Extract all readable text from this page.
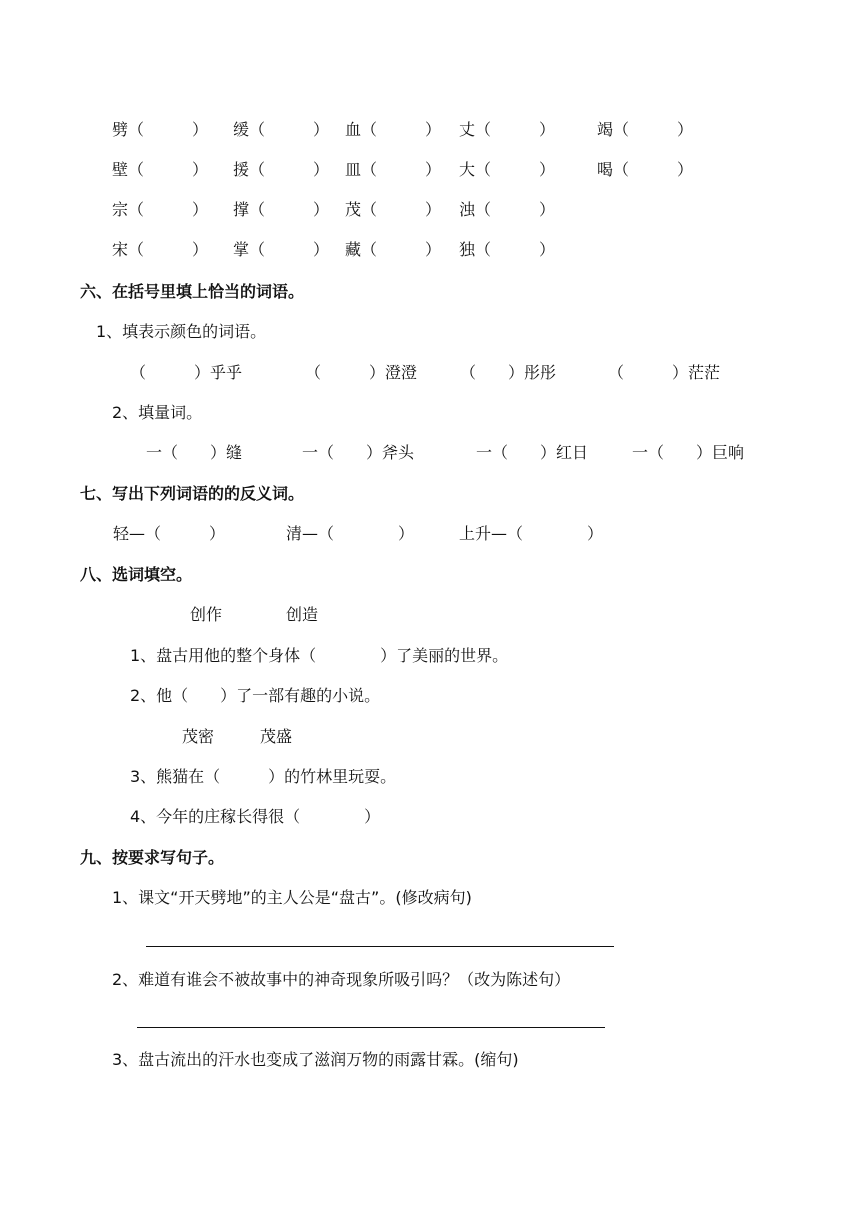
劈（　　　） 缓（　　　） 血（　　　） 丈（　　　）	竭（　　　）
壁（　　　） 援（　　　） 皿（　　　） 大（　　　）	喝（　　　）
宗（　　　） 撑（　　　） 茂（　　　） 浊（　　　）
宋（　　　） 掌（　　　） 藏（　　　） 独（　　　）
六、在括号里填上恰当的词语。
1、填表示颜色的词语。
（　　　）乎乎	（　　　）澄澄	（　　）彤彤	（　　　）茫茫
2、填量词。
一（　　）缝	一（　　）斧头	一（　　）红日	一（　　）巨响
七、写出下列词语的的反义词。
轻—（　　　）	清—（　　　　）	上升—（　　　　）
八、选词填空。
创作	创造
1、盘古用他的整个身体（　　　　）了美丽的世界。
2、他（　　）了一部有趣的小说。
茂密	茂盛
3、熊猫在（　　　）的竹林里玩耍。
4、今年的庄稼长得很（　　　　）
九、按要求写句子。
1、课文“开天劈地”的主人公是“盘古”。(修改病句)
2、难道有谁会不被故事中的神奇现象所吸引吗？（改为陈述句）
3、盘古流出的汗水也变成了滋润万物的雨露甘霖。(缩句)
